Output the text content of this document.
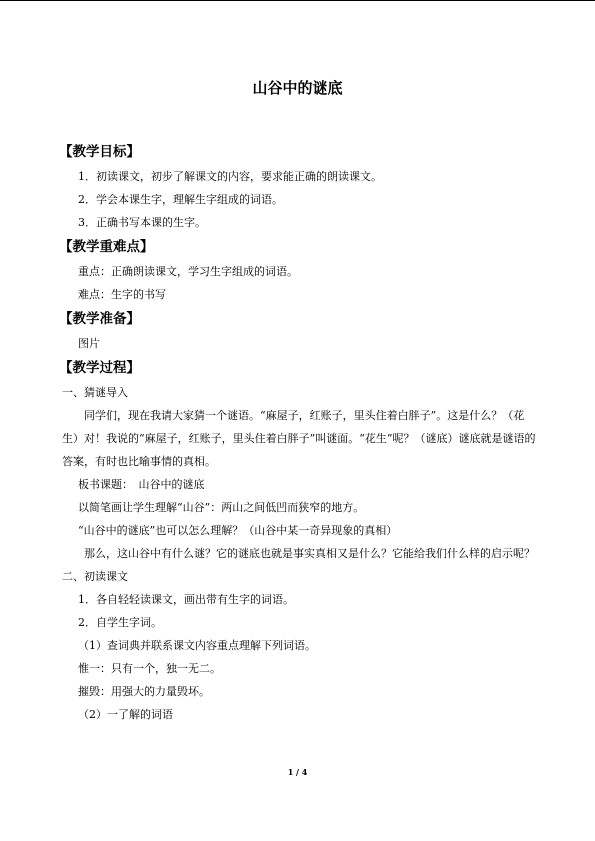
山谷中的谜底
【教学目标】

1．初读课文，初步了解课文的内容，要求能正确的朗读课文。

2．学会本课生字，理解生字组成的词语。

3．正确书写本课的生字。

【教学重难点】

重点：正确朗读课文，学习生字组成的词语。

难点：生字的书写

【教学准备】

图片

【教学过程】

一、猜谜导入

同学们，现在我请大家猜一个谜语。“麻屋子，红账子，里头住着白胖子”。这是什么？（花生）对！我说的“麻屋子，红账子，里头住着白胖子”叫谜面。“花生”呢？（谜底）谜底就是谜语的答案，有时也比喻事情的真相。

板书课题：　山谷中的谜底

以简笔画让学生理解“山谷”：两山之间低凹而狭窄的地方。

“山谷中的谜底”也可以怎么理解？（山谷中某一奇异现象的真相）

那么，这山谷中有什么谜？它的谜底也就是事实真相又是什么？它能给我们什么样的启示呢？

二、初读课文

1．各自轻轻读课文，画出带有生字的词语。

2．自学生字词。

（1）查词典并联系课文内容重点理解下列词语。

惟一：只有一个，独一无二。

摧毁：用强大的力量毁坏。

（2）一了解的词语

1 / 4
